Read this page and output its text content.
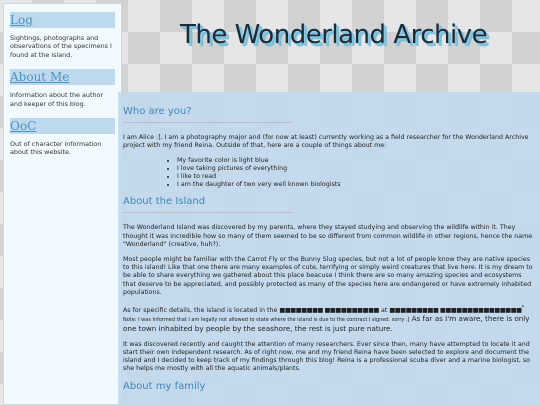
Log

Sightings, photographs and observations of the specimens I found at the island.

About Me

Information about the author and keeper of this blog.

OoC

Out of character information about this website.

The Wonderland Archive
Who are you?
------------------------------------------------------------------

I am Alice :]. I am a photography major and (for now at least) currently working as a field researcher for the Wonderland Archive project with my friend Reina. Outside of that, here are a couple of things about me:

• My favorite color is light blue
• I love taking pictures of everything
• I like to read
• I am the daughter of two very well known biologists
About the Island
------------------------------------------------------------------

The Wonderland Island was discovered by my parents, where they stayed studying and observing the wildlife within it. They thought it was incredible how so many of them seemed to be so different from common wildlife in other regions, hence the name "Wonderland" (creative, huh?).

Most people might be familiar with the Carrot Fly or the Bunny Slug species, but not a lot of people know they are native species to this island! Like that one there are many examples of cute, terrifying or simply weird creatures that live here. It is my dream to be able to share everything we gathered about this place beacuse I think there are so many amazing species and ecosystems that deserve to be appreciated, and possibly protected as many of the species here are endangered or have extremely inhabited populations.

As for specific details, the island is located in the ■■■■■■■■ ■■■■■■■■■■ at ■■■■■■■■■ ■■■■■■■■■■■■■■■* Note: I was informed that I am legally not allowed to state where the island is due to the contract I signed. sorry :[ As far as I'm aware, there is only one town inhabited by people by the seashore, the rest is just pure nature.

It was discovered recently and caught the attention of many researchers. Ever since then, many have attempted to locate it and start their own independent research. As of right now, me and my friend Reina have been selected to explore and document the island and I decided to keep track of my findings through this blog! Reina is a professional scuba diver and a marine biologist, so she helps me mostly with all the aquatic animals/plants.

About my family
